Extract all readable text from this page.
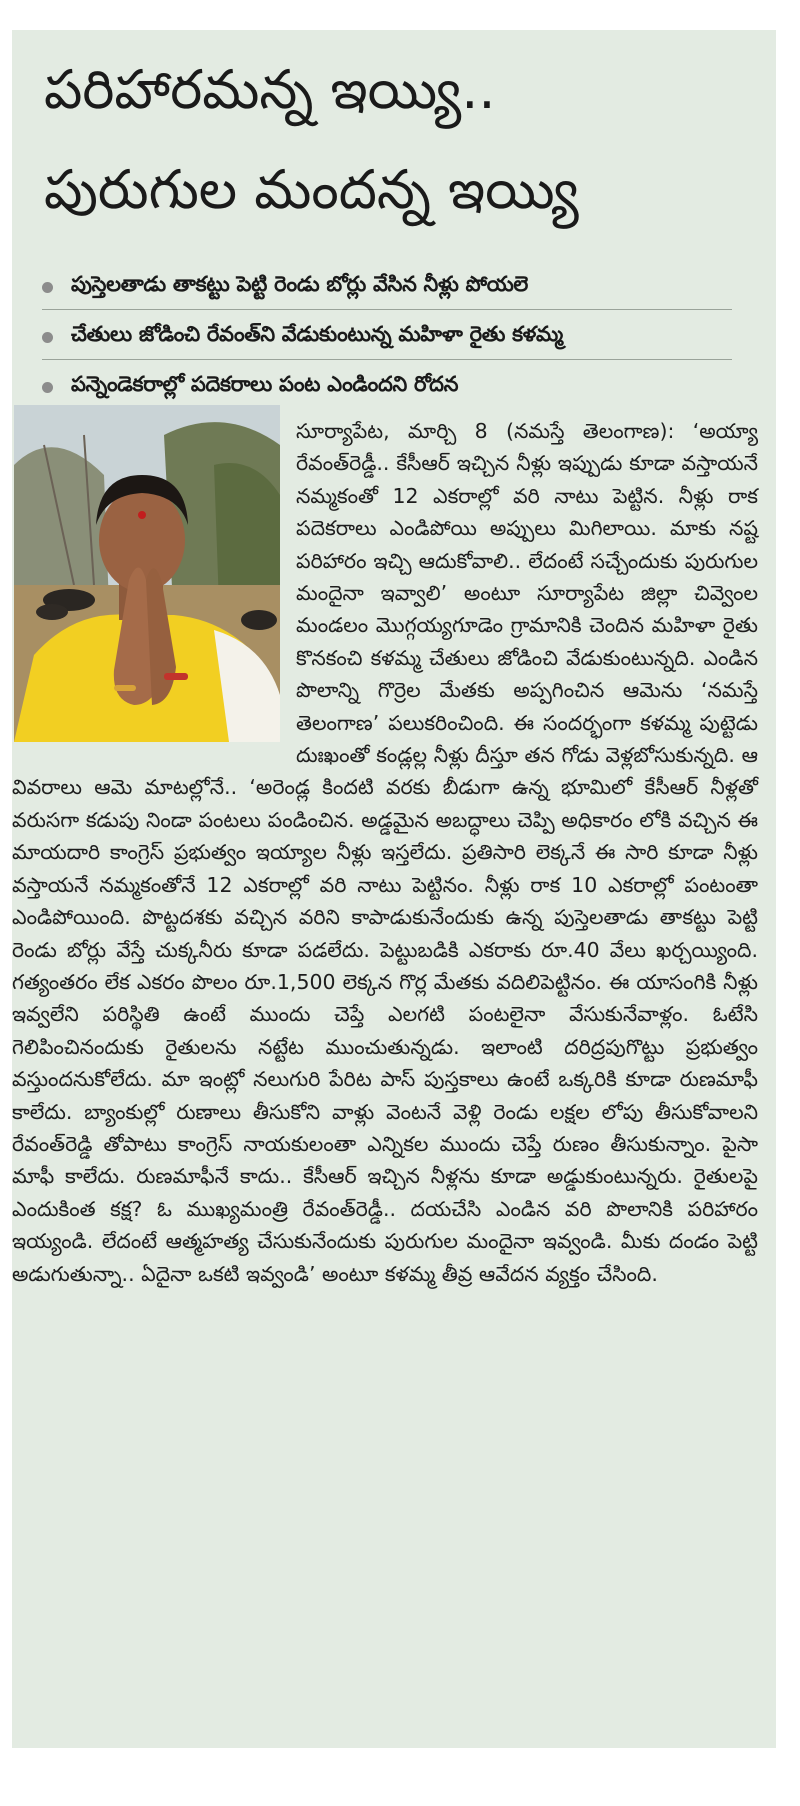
పరిహారమన్న ఇయ్యి..
పురుగుల మందన్న ఇయ్యి
పుస్తెలతాడు తాకట్టు పెట్టి రెండు బోర్లు వేసిన నీళ్లు పోయలె
చేతులు జోడించి రేవంత్‌ని వేడుకుంటున్న మహిళా రైతు కళమ్మ
పన్నెండెకరాల్లో పదెకరాలు పంట ఎండిందని రోదన

సూర్యాపేట, మార్చి 8 (నమస్తే తెలంగాణ): ‘అయ్యా రేవంత్‌రెడ్డీ.. కేసీఆర్‌ ఇచ్చిన నీళ్లు ఇప్పుడు కూడా వస్తాయనే నమ్మకంతో 12 ఎకరాల్లో వరి నాటు పెట్టిన. నీళ్లు రాక పదెకరాలు ఎండిపోయి అప్పులు మిగిలాయి. మాకు నష్ట పరిహారం ఇచ్చి ఆదుకోవాలి.. లేదంటే సచ్చేందుకు పురుగుల మందైనా ఇవ్వాలి’ అంటూ సూర్యాపేట జిల్లా చివ్వెంల మండలం మొగ్గయ్యగూడెం గ్రామానికి చెందిన మహిళా రైతు కొనకంచి కళమ్మ చేతులు జోడించి వేడుకుంటున్నది. ఎండిన పొలాన్ని గొర్రెల మేతకు అప్పగించిన ఆమెను ‘నమస్తే తెలంగాణ’ పలుకరించింది. ఈ సందర్భంగా కళమ్మ పుట్టెడు దుఃఖంతో కండ్లల్ల నీళ్లు దీస్తూ తన గోడు వెళ్లబోసుకున్నది. ఆ వివరాలు ఆమె మాటల్లోనే.. ‘అరెండ్ల కిందటి వరకు బీడుగా ఉన్న భూమిలో కేసీఆర్‌ నీళ్లతో వరుసగా కడుపు నిండా పంటలు పండించిన. అడ్డమైన అబద్ధాలు చెప్పి అధికారం లోకి వచ్చిన ఈ మాయదారి కాంగ్రెస్‌ ప్రభుత్వం ఇయ్యాల నీళ్లు ఇస్తలేదు. ప్రతిసారి లెక్కనే ఈ సారి కూడా నీళ్లు వస్తాయనే నమ్మకంతోనే 12 ఎకరాల్లో వరి నాటు పెట్టినం. నీళ్లు రాక 10 ఎకరాల్లో పంటంతా ఎండిపోయింది. పొట్టదశకు వచ్చిన వరిని కాపాడుకునేందుకు ఉన్న పుస్తెలతాడు తాకట్టు పెట్టి రెండు బోర్లు వేస్తే చుక్కనీరు కూడా పడలేదు. పెట్టుబడికి ఎకరాకు రూ.40 వేలు ఖర్చయ్యింది. గత్యంతరం లేక ఎకరం పొలం రూ.1,500 లెక్కన గొర్ల మేతకు వదిలిపెట్టినం. ఈ యాసంగికి నీళ్లు ఇవ్వలేని పరిస్థితి ఉంటే ముందు చెప్తే ఎలగటి పంటలైనా వేసుకునేవాళ్లం. ఓటేసి గెలిపించినందుకు రైతులను నట్టేట ముంచుతున్నడు. ఇలాంటి దరిద్రపుగొట్టు ప్రభుత్వం వస్తుందనుకోలేదు. మా ఇంట్లో నలుగురి పేరిట పాస్‌ పుస్తకాలు ఉంటే ఒక్కరికి కూడా రుణమాఫీ కాలేదు. బ్యాంకుల్లో రుణాలు తీసుకోని వాళ్లు వెంటనే వెళ్లి రెండు లక్షల లోపు తీసుకోవాలని రేవంత్‌రెడ్డి తోపాటు కాంగ్రెస్‌ నాయకులంతా ఎన్నికల ముందు చెప్తే రుణం తీసుకున్నాం. పైసా మాఫీ కాలేదు. రుణమాఫీనే కాదు.. కేసీఆర్‌ ఇచ్చిన నీళ్లను కూడా అడ్డుకుంటున్నరు. రైతులపై ఎందుకింత కక్ష? ఓ ముఖ్యమంత్రి రేవంత్‌రెడ్డీ.. దయచేసి ఎండిన వరి పొలానికి పరిహారం ఇయ్యండి. లేదంటే ఆత్మహత్య చేసుకునేందుకు పురుగుల మందైనా ఇవ్వండి. మీకు దండం పెట్టి అడుగుతున్నా.. ఏదైనా ఒకటి ఇవ్వండి’ అంటూ కళమ్మ తీవ్ర ఆవేదన వ్యక్తం చేసింది.
